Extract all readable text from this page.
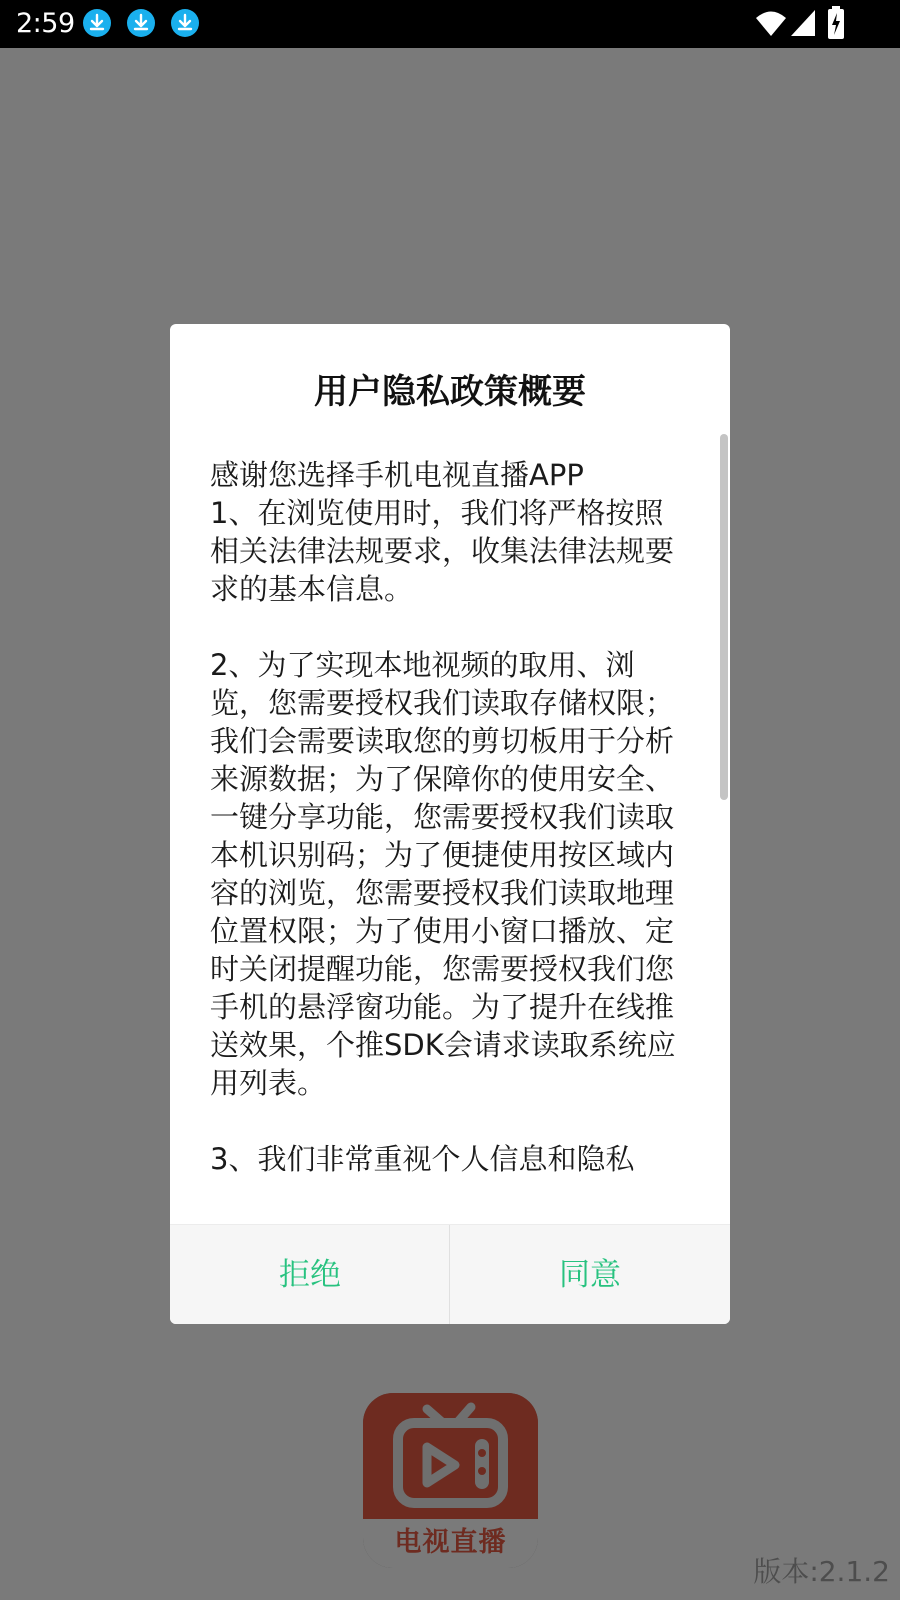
2:59
用户隐私政策概要

感谢您选择手机电视直播APP
1、在浏览使用时，我们将严格按照相关法律法规要求，收集法律法规要求的基本信息。

2、为了实现本地视频的取用、浏览，您需要授权我们读取存储权限；我们会需要读取您的剪切板用于分析来源数据；为了保障你的使用安全、一键分享功能，您需要授权我们读取本机识别码；为了便捷使用按区域内容的浏览，您需要授权我们读取地理位置权限；为了使用小窗口播放、定时关闭提醒功能，您需要授权我们您手机的悬浮窗功能。为了提升在线推送效果，个推SDK会请求读取系统应用列表。

3、我们非常重视个人信息和隐私

拒绝	同意
电视直播
版本:2.1.2
